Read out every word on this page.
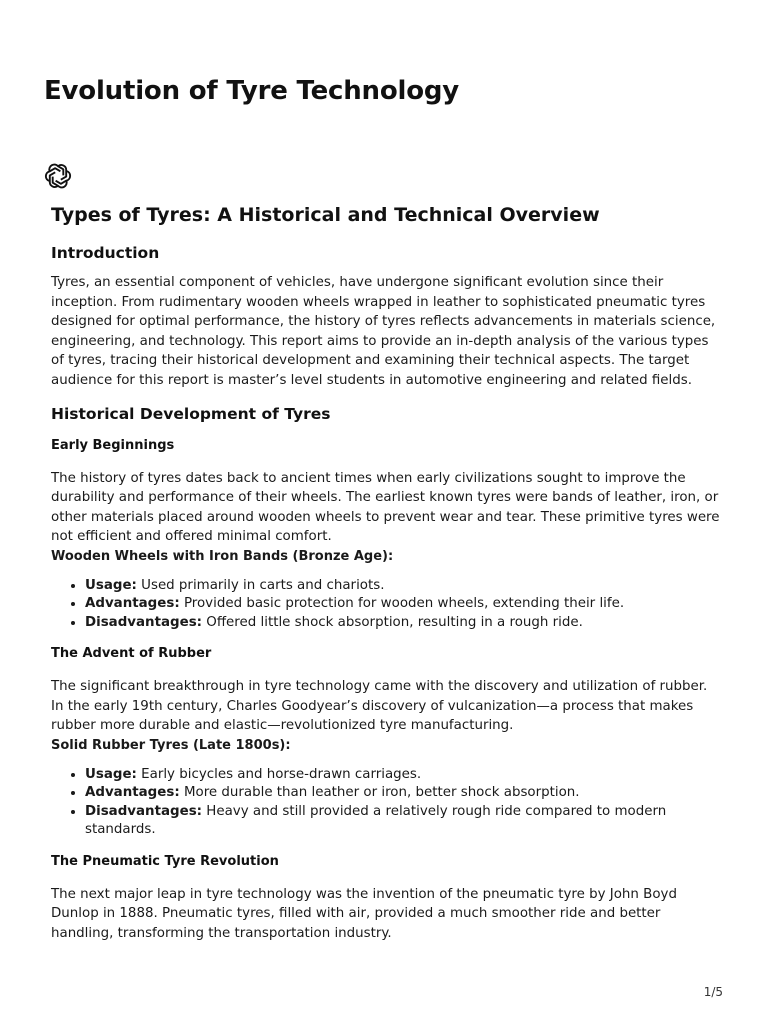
Evolution of Tyre Technology
Types of Tyres: A Historical and Technical Overview
Introduction

Tyres, an essential component of vehicles, have undergone significant evolution since their inception. From rudimentary wooden wheels wrapped in leather to sophisticated pneumatic tyres designed for optimal performance, the history of tyres reflects advancements in materials science, engineering, and technology. This report aims to provide an in-depth analysis of the various types of tyres, tracing their historical development and examining their technical aspects. The target audience for this report is master’s level students in automotive engineering and related fields.

Historical Development of Tyres
Early Beginnings

The history of tyres dates back to ancient times when early civilizations sought to improve the durability and performance of their wheels. The earliest known tyres were bands of leather, iron, or other materials placed around wooden wheels to prevent wear and tear. These primitive tyres were not efficient and offered minimal comfort.

Wooden Wheels with Iron Bands (Bronze Age):
• Usage: Used primarily in carts and chariots.
• Advantages: Provided basic protection for wooden wheels, extending their life.
• Disadvantages: Offered little shock absorption, resulting in a rough ride.
The Advent of Rubber

The significant breakthrough in tyre technology came with the discovery and utilization of rubber. In the early 19th century, Charles Goodyear’s discovery of vulcanization—a process that makes rubber more durable and elastic—revolutionized tyre manufacturing.

Solid Rubber Tyres (Late 1800s):
• Usage: Early bicycles and horse-drawn carriages.
• Advantages: More durable than leather or iron, better shock absorption.
• Disadvantages: Heavy and still provided a relatively rough ride compared to modern standards.
The Pneumatic Tyre Revolution

The next major leap in tyre technology was the invention of the pneumatic tyre by John Boyd Dunlop in 1888. Pneumatic tyres, filled with air, provided a much smoother ride and better handling, transforming the transportation industry.

1/5
